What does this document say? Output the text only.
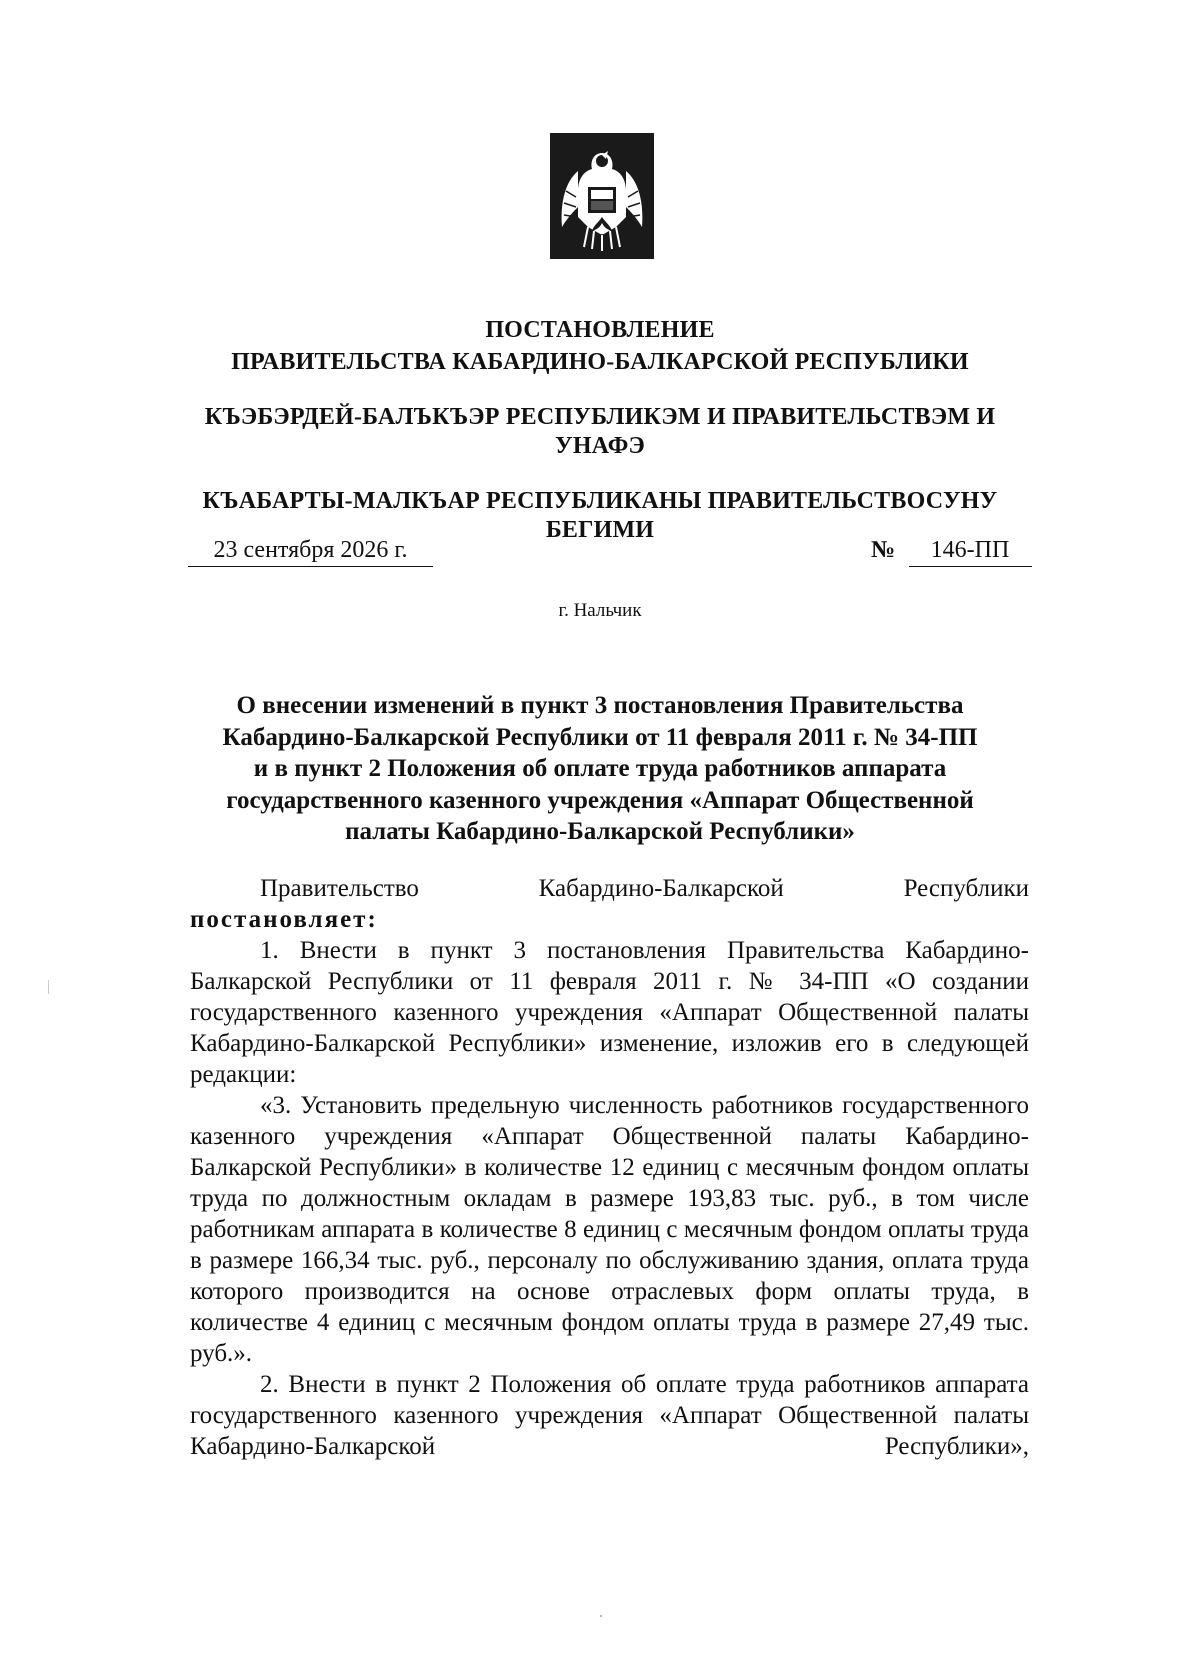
ПОСТАНОВЛЕНИЕ
ПРАВИТЕЛЬСТВА КАБАРДИНО-БАЛКАРСКОЙ РЕСПУБЛИКИ
КЪЭБЭРДЕЙ-БАЛЪКЪЭР РЕСПУБЛИКЭМ И ПРАВИТЕЛЬСТВЭМ И
УНАФЭ
КЪАБАРТЫ-МАЛКЪАР РЕСПУБЛИКАНЫ ПРАВИТЕЛЬСТВОСУНУ
БЕГИМИ
23 сентября 2026 г.	№	146-ПП
г. Нальчик
О внесении изменений в пункт 3 постановления Правительства
Кабардино-Балкарской Республики от 11 февраля 2011 г. № 34-ПП
и в пункт 2 Положения об оплате труда работников аппарата
государственного казенного учреждения «Аппарат Общественной
палаты Кабардино-Балкарской Республики»

Правительство Кабардино-Балкарской Республики

постановляет:

1. Внести в пункт 3 постановления Правительства Кабардино-Балкарской Республики от 11 февраля 2011 г. № 34-ПП «О создании государственного казенного учреждения «Аппарат Общественной палаты Кабардино-Балкарской Республики» изменение, изложив его в следующей редакции:

«3. Установить предельную численность работников государственного казенного учреждения «Аппарат Общественной палаты Кабардино-Балкарской Республики» в количестве 12 единиц с месячным фондом оплаты труда по должностным окладам в размере 193,83 тыс. руб., в том числе работникам аппарата в количестве 8 единиц с месячным фондом оплаты труда в размере 166,34 тыс. руб., персоналу по обслуживанию здания, оплата труда которого производится на основе отраслевых форм оплаты труда, в количестве 4 единиц с месячным фондом оплаты труда в размере 27,49 тыс. руб.».

2. Внести в пункт 2 Положения об оплате труда работников аппарата государственного казенного учреждения «Аппарат Общественной палаты Кабардино-Балкарской Республики»,
